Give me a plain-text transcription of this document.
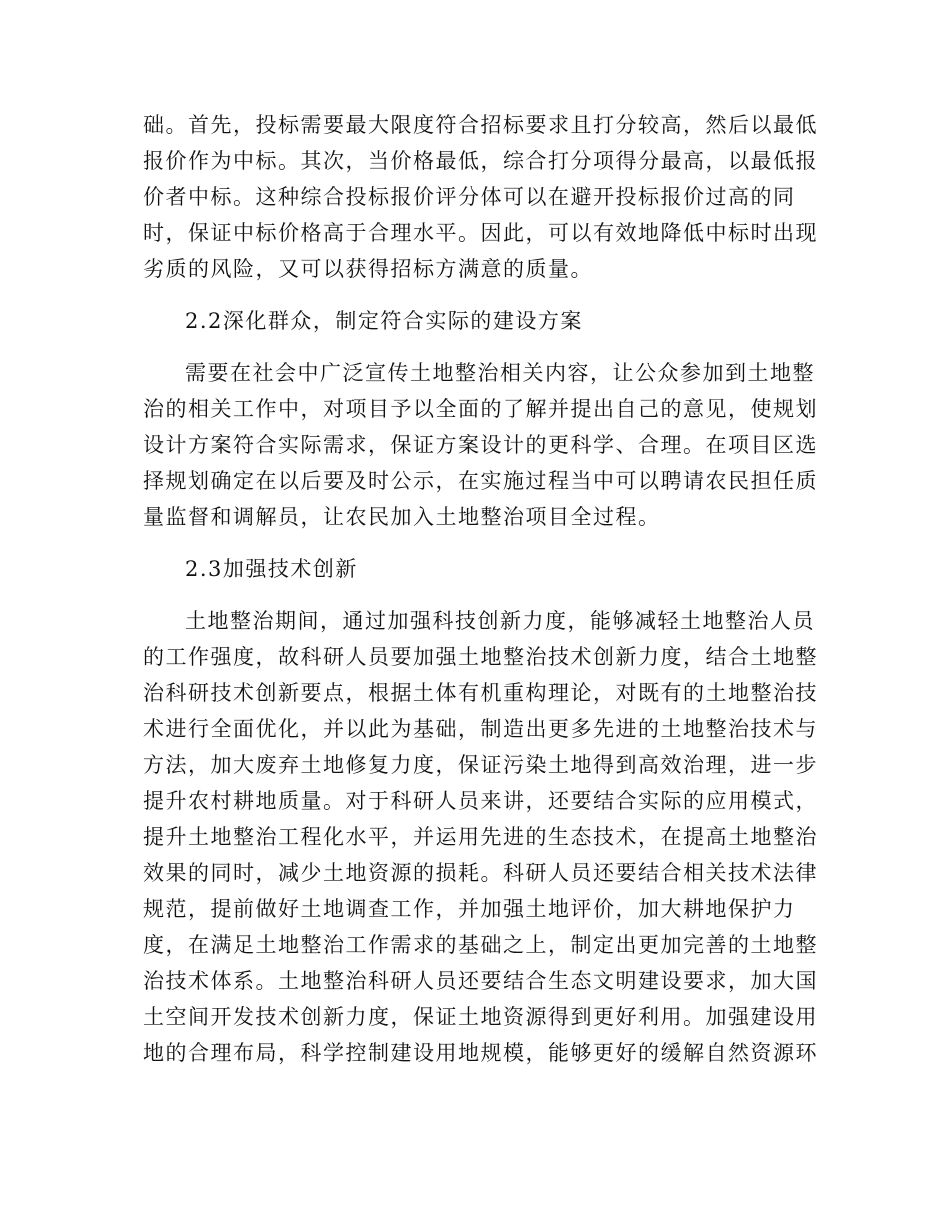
础。首先，投标需要最大限度符合招标要求且打分较高，然后以最低
报价作为中标。其次，当价格最低，综合打分项得分最高，以最低报
价者中标。这种综合投标报价评分体可以在避开投标报价过高的同
时，保证中标价格高于合理水平。因此，可以有效地降低中标时出现
劣质的风险，又可以获得招标方满意的质量。
2.2深化群众，制定符合实际的建设方案
需要在社会中广泛宣传土地整治相关内容，让公众参加到土地整
治的相关工作中，对项目予以全面的了解并提出自己的意见，使规划
设计方案符合实际需求，保证方案设计的更科学、合理。在项目区选
择规划确定在以后要及时公示，在实施过程当中可以聘请农民担任质
量监督和调解员，让农民加入土地整治项目全过程。
2.3加强技术创新
土地整治期间，通过加强科技创新力度，能够减轻土地整治人员
的工作强度，故科研人员要加强土地整治技术创新力度，结合土地整
治科研技术创新要点，根据土体有机重构理论，对既有的土地整治技
术进行全面优化，并以此为基础，制造出更多先进的土地整治技术与
方法，加大废弃土地修复力度，保证污染土地得到高效治理，进一步
提升农村耕地质量。对于科研人员来讲，还要结合实际的应用模式，
提升土地整治工程化水平，并运用先进的生态技术，在提高土地整治
效果的同时，减少土地资源的损耗。科研人员还要结合相关技术法律
规范，提前做好土地调查工作，并加强土地评价，加大耕地保护力
度，在满足土地整治工作需求的基础之上，制定出更加完善的土地整
治技术体系。土地整治科研人员还要结合生态文明建设要求，加大国
土空间开发技术创新力度，保证土地资源得到更好利用。加强建设用
地的合理布局，科学控制建设用地规模，能够更好的缓解自然资源环
